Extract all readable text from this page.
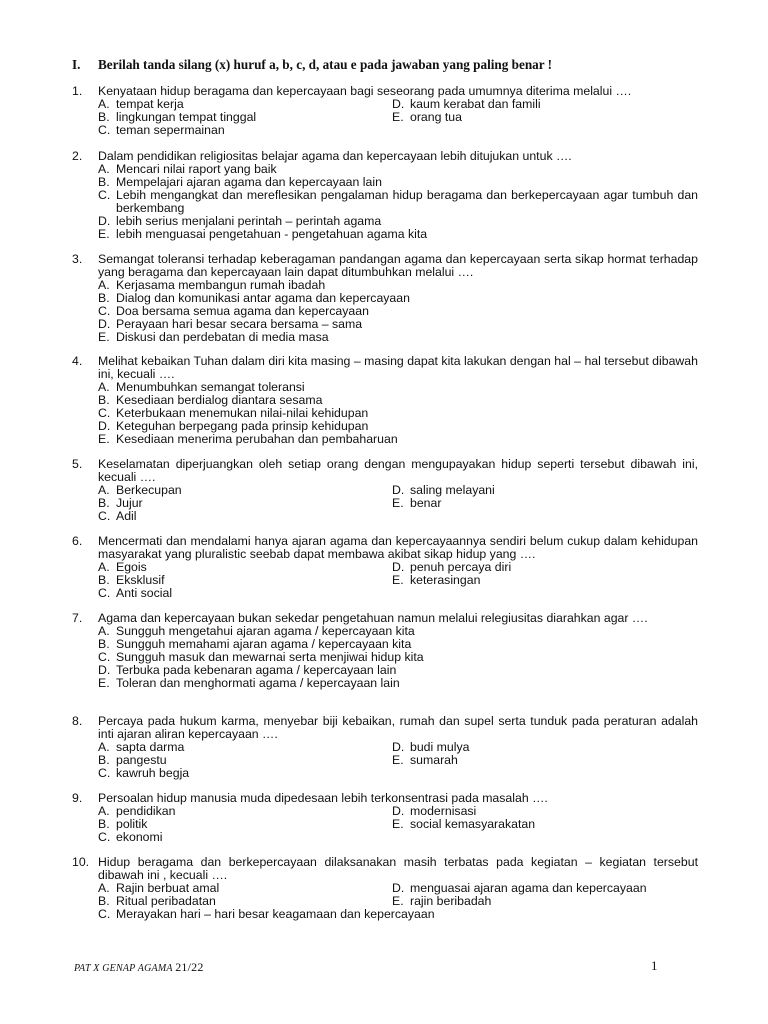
I. Berilah tanda silang (x) huruf a, b, c, d, atau e pada jawaban yang paling benar !
1. Kenyataan hidup beragama dan kepercayaan bagi seseorang pada umumnya diterima melalui ….
A. tempat kerja
B. lingkungan tempat tinggal
C. teman sepermainan
D. kaum kerabat dan famili
E. orang tua
2. Dalam pendidikan religiositas belajar agama dan kepercayaan lebih ditujukan untuk ….
A. Mencari nilai raport yang baik
B. Mempelajari ajaran agama dan kepercayaan lain
C. Lebih mengangkat dan mereflesikan pengalaman hidup beragama dan berkepercayaan agar tumbuh dan berkembang
D. lebih serius menjalani perintah – perintah agama
E. lebih menguasai pengetahuan - pengetahuan agama kita
3. Semangat toleransi terhadap keberagaman pandangan agama dan kepercayaan serta sikap hormat terhadap yang beragama dan kepercayaan lain dapat ditumbuhkan melalui ….
A. Kerjasama membangun rumah ibadah
B. Dialog dan komunikasi antar agama dan kepercayaan
C. Doa bersama semua agama dan kepercayaan
D. Perayaan hari besar secara bersama – sama
E. Diskusi dan perdebatan di media masa
4. Melihat kebaikan Tuhan dalam diri kita masing – masing dapat kita lakukan dengan hal – hal tersebut dibawah ini, kecuali ….
A. Menumbuhkan semangat toleransi
B. Kesediaan berdialog diantara sesama
C. Keterbukaan menemukan nilai-nilai kehidupan
D. Keteguhan berpegang pada prinsip kehidupan
E. Kesediaan menerima perubahan dan pembaharuan
5. Keselamatan diperjuangkan oleh setiap orang dengan mengupayakan hidup seperti tersebut dibawah ini, kecuali ….
A. Berkecupan
B. Jujur
C. Adil
D. saling melayani
E. benar
6. Mencermati dan mendalami hanya ajaran agama dan kepercayaannya sendiri belum cukup dalam kehidupan masyarakat yang pluralistic seebab dapat membawa akibat sikap hidup yang ….
A. Egois
B. Eksklusif
C. Anti social
D. penuh percaya diri
E. keterasingan
7. Agama dan kepercayaan bukan sekedar pengetahuan namun melalui relegiusitas diarahkan agar ….
A. Sungguh mengetahui ajaran agama / kepercayaan kita
B. Sungguh memahami ajaran agama / kepercayaan kita
C. Sungguh masuk dan mewarnai serta menjiwai hidup kita
D. Terbuka pada kebenaran agama / kepercayaan lain
E. Toleran dan menghormati agama / kepercayaan lain
8. Percaya pada hukum karma, menyebar biji kebaikan, rumah dan supel serta tunduk pada peraturan adalah inti ajaran aliran kepercayaan ….
A. sapta darma
B. pangestu
C. kawruh begja
D. budi mulya
E. sumarah
9. Persoalan hidup manusia muda dipedesaan lebih terkonsentrasi pada masalah ….
A. pendidikan
B. politik
C. ekonomi
D. modernisasi
E. social kemasyarakatan
10. Hidup beragama dan berkepercayaan dilaksanakan masih terbatas pada kegiatan – kegiatan tersebut dibawah ini , kecuali ….
A. Rajin berbuat amal
B. Ritual peribadatan
C. Merayakan hari – hari besar keagamaan dan kepercayaan
D. menguasai ajaran agama dan kepercayaan
E. rajin beribadah
PAT X GENAP AGAMA 21/22	1
